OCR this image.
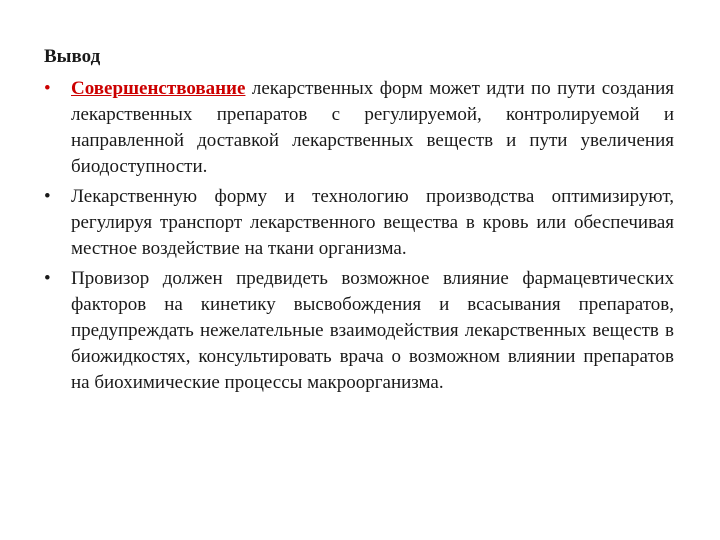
Вывод
•	Совершенствование лекарственных форм может идти по пути создания лекарственных препаратов с регулируемой, контролируемой и направленной доставкой лекарственных веществ и пути увеличения биодоступности.
•	Лекарственную форму и технологию производства оптимизируют, регулируя транспорт лекарственного вещества в кровь или обеспечивая местное воздействие на ткани организма.
•	Провизор должен предвидеть возможное влияние фармацевтических факторов на кинетику высвобождения и всасывания препаратов, предупреждать нежелательные взаимодействия лекарственных веществ в биожидкостях, консультировать врача о возможном влиянии препаратов на биохимические процессы макроорганизма.
